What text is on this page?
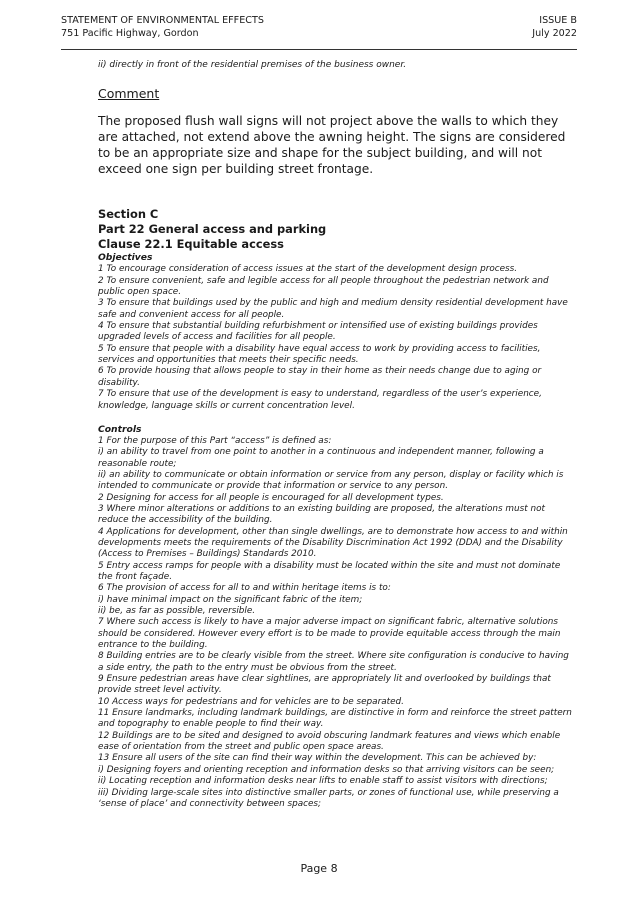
STATEMENT OF ENVIRONMENTAL EFFECTS
751 Pacific Highway, Gordon
ISSUE B
July 2022

ii) directly in front of the residential premises of the business owner.

Comment

The proposed flush wall signs will not project above the walls to which they are attached, not extend above the awning height. The signs are considered to be an appropriate size and shape for the subject building, and will not exceed one sign per building street frontage.

Section C

Part 22 General access and parking

Clause 22.1 Equitable access

Objectives

1 To encourage consideration of access issues at the start of the development design process.

2 To ensure convenient, safe and legible access for all people throughout the pedestrian network and public open space.

3 To ensure that buildings used by the public and high and medium density residential development have safe and convenient access for all people.

4 To ensure that substantial building refurbishment or intensified use of existing buildings provides upgraded levels of access and facilities for all people.

5 To ensure that people with a disability have equal access to work by providing access to facilities, services and opportunities that meets their specific needs.

6 To provide housing that allows people to stay in their home as their needs change due to aging or disability.

7 To ensure that use of the development is easy to understand, regardless of the user’s experience, knowledge, language skills or current concentration level.

Controls

1 For the purpose of this Part “access” is defined as:

i) an ability to travel from one point to another in a continuous and independent manner, following a reasonable route;

ii) an ability to communicate or obtain information or service from any person, display or facility which is intended to communicate or provide that information or service to any person.

2 Designing for access for all people is encouraged for all development types.

3 Where minor alterations or additions to an existing building are proposed, the alterations must not reduce the accessibility of the building.

4 Applications for development, other than single dwellings, are to demonstrate how access to and within developments meets the requirements of the Disability Discrimination Act 1992 (DDA) and the Disability (Access to Premises – Buildings) Standards 2010.

5 Entry access ramps for people with a disability must be located within the site and must not dominate the front façade.

6 The provision of access for all to and within heritage items is to:

i) have minimal impact on the significant fabric of the item;

ii) be, as far as possible, reversible.

7 Where such access is likely to have a major adverse impact on significant fabric, alternative solutions should be considered. However every effort is to be made to provide equitable access through the main entrance to the building.

8 Building entries are to be clearly visible from the street. Where site configuration is conducive to having a side entry, the path to the entry must be obvious from the street.

9 Ensure pedestrian areas have clear sightlines, are appropriately lit and overlooked by buildings that provide street level activity.

10 Access ways for pedestrians and for vehicles are to be separated.

11 Ensure landmarks, including landmark buildings, are distinctive in form and reinforce the street pattern and topography to enable people to find their way.

12 Buildings are to be sited and designed to avoid obscuring landmark features and views which enable ease of orientation from the street and public open space areas.

13 Ensure all users of the site can find their way within the development. This can be achieved by:

i) Designing foyers and orienting reception and information desks so that arriving visitors can be seen;

ii) Locating reception and information desks near lifts to enable staff to assist visitors with directions;

iii) Dividing large-scale sites into distinctive smaller parts, or zones of functional use, while preserving a ‘sense of place’ and connectivity between spaces;

Page 8
